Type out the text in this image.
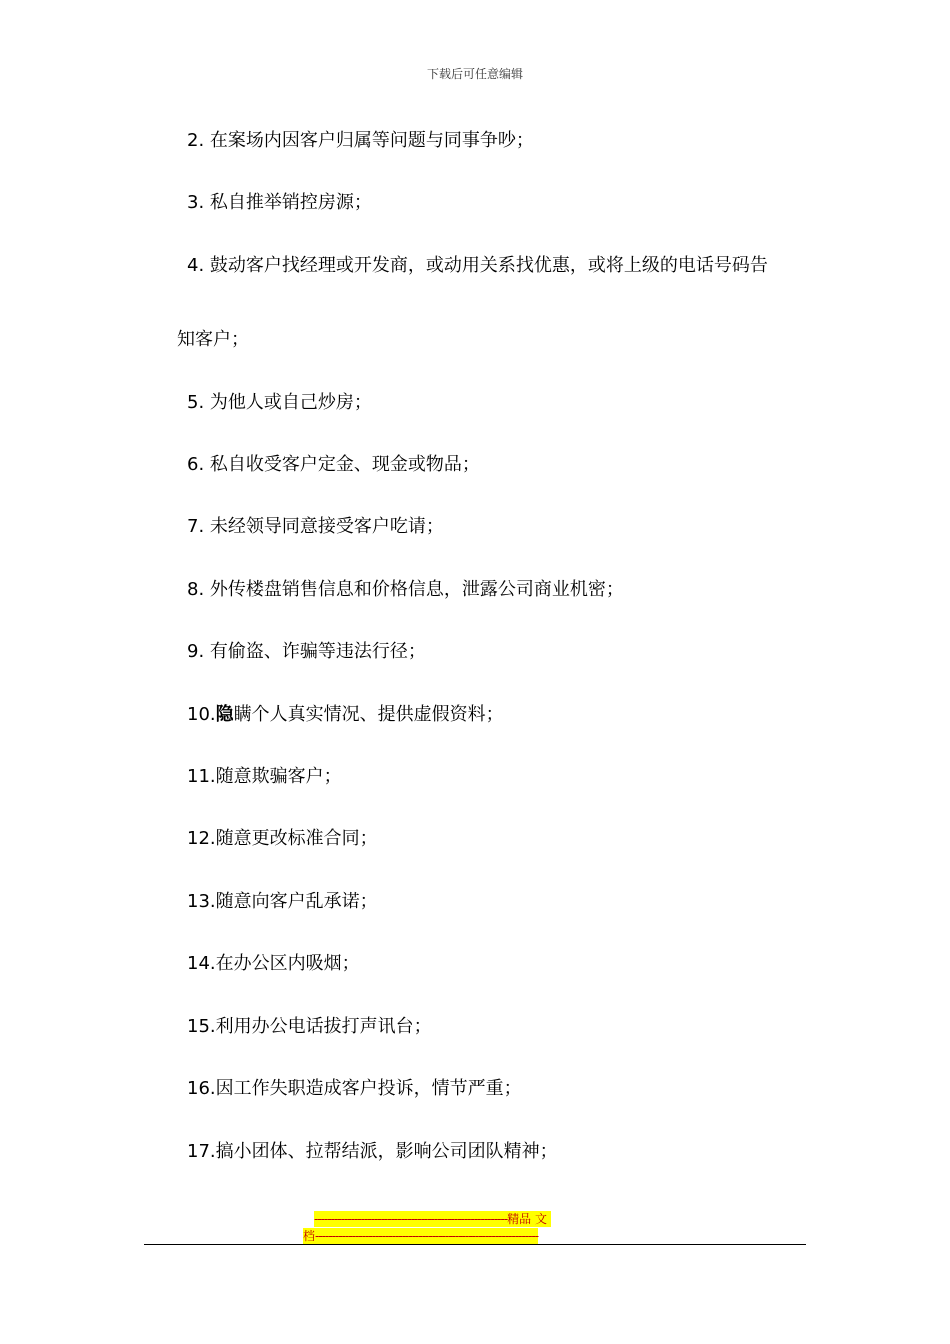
下载后可任意编辑
2. 在案场内因客户归属等问题与同事争吵；
3. 私自推举销控房源；
4. 鼓动客户找经理或开发商，或动用关系找优惠，或将上级的电话号码告
知客户；
5. 为他人或自己炒房；
6. 私自收受客户定金、现金或物品；
7. 未经领导同意接受客户吃请；
8. 外传楼盘销售信息和价格信息，泄露公司商业机密；
9. 有偷盗、诈骗等违法行径；
10.隐瞒个人真实情况、提供虚假资料；
11.随意欺骗客户；
12.随意更改标准合同；
13.随意向客户乱承诺；
14.在办公区内吸烟；
15.利用办公电话拔打声讯台；
16.因工作失职造成客户投诉，情节严重；
17.搞小团体、拉帮结派，影响公司团队精神；
----------------------------------------------------------精品 文
档-------------------------------------------------------------------
